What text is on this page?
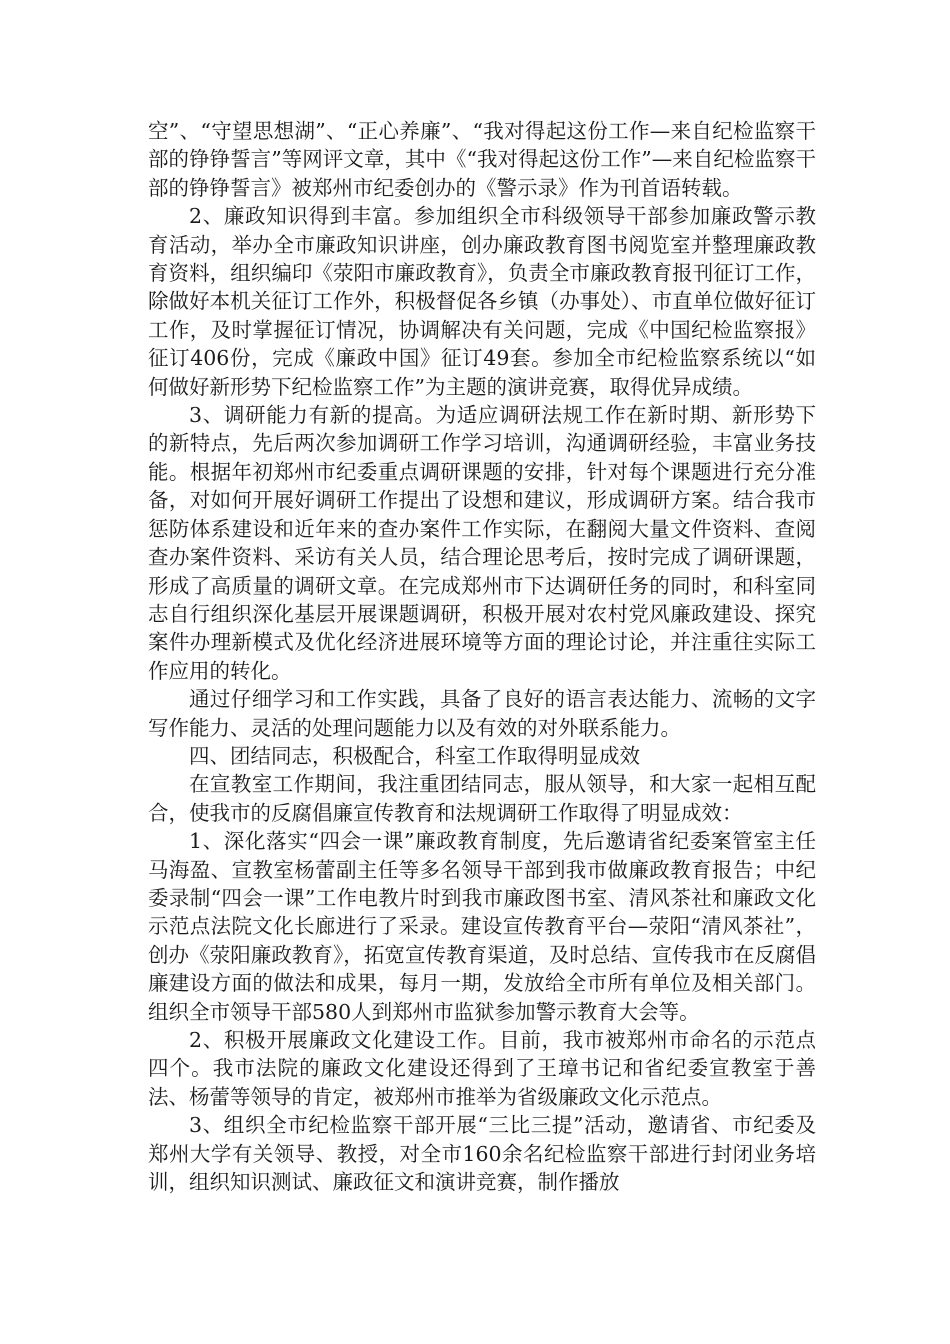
空”、“守望思想湖”、“正心养廉”、“我对得起这份工作—来自纪检监察干部的铮铮誓言”等网评文章，其中《“我对得起这份工作”—来自纪检监察干部的铮铮誓言》被郑州市纪委创办的《警示录》作为刊首语转载。

2、廉政知识得到丰富。参加组织全市科级领导干部参加廉政警示教育活动，举办全市廉政知识讲座，创办廉政教育图书阅览室并整理廉政教育资料，组织编印《荥阳市廉政教育》，负责全市廉政教育报刊征订工作，除做好本机关征订工作外，积极督促各乡镇（办事处）、市直单位做好征订工作，及时掌握征订情况，协调解决有关问题，完成《中国纪检监察报》征订406份，完成《廉政中国》征订49套。参加全市纪检监察系统以“如何做好新形势下纪检监察工作”为主题的演讲竞赛，取得优异成绩。

3、调研能力有新的提高。为适应调研法规工作在新时期、新形势下的新特点，先后两次参加调研工作学习培训，沟通调研经验，丰富业务技能。根据年初郑州市纪委重点调研课题的安排，针对每个课题进行充分准备，对如何开展好调研工作提出了设想和建议，形成调研方案。结合我市惩防体系建设和近年来的查办案件工作实际，在翻阅大量文件资料、查阅查办案件资料、采访有关人员，结合理论思考后，按时完成了调研课题，形成了高质量的调研文章。在完成郑州市下达调研任务的同时，和科室同志自行组织深化基层开展课题调研，积极开展对农村党风廉政建设、探究案件办理新模式及优化经济进展环境等方面的理论讨论，并注重往实际工作应用的转化。

通过仔细学习和工作实践，具备了良好的语言表达能力、流畅的文字写作能力、灵活的处理问题能力以及有效的对外联系能力。

四、团结同志，积极配合，科室工作取得明显成效

在宣教室工作期间，我注重团结同志，服从领导，和大家一起相互配合，使我市的反腐倡廉宣传教育和法规调研工作取得了明显成效：

1、深化落实“四会一课”廉政教育制度，先后邀请省纪委案管室主任马海盈、宣教室杨蕾副主任等多名领导干部到我市做廉政教育报告；中纪委录制“四会一课”工作电教片时到我市廉政图书室、清风茶社和廉政文化示范点法院文化长廊进行了采录。建设宣传教育平台—荥阳“清风茶社”，创办《荥阳廉政教育》，拓宽宣传教育渠道，及时总结、宣传我市在反腐倡廉建设方面的做法和成果，每月一期，发放给全市所有单位及相关部门。组织全市领导干部580人到郑州市监狱参加警示教育大会等。

2、积极开展廉政文化建设工作。目前，我市被郑州市命名的示范点四个。我市法院的廉政文化建设还得到了王璋书记和省纪委宣教室于善法、杨蕾等领导的肯定，被郑州市推举为省级廉政文化示范点。

3、组织全市纪检监察干部开展“三比三提”活动，邀请省、市纪委及郑州大学有关领导、教授，对全市160余名纪检监察干部进行封闭业务培训，组织知识测试、廉政征文和演讲竞赛，制作播放
